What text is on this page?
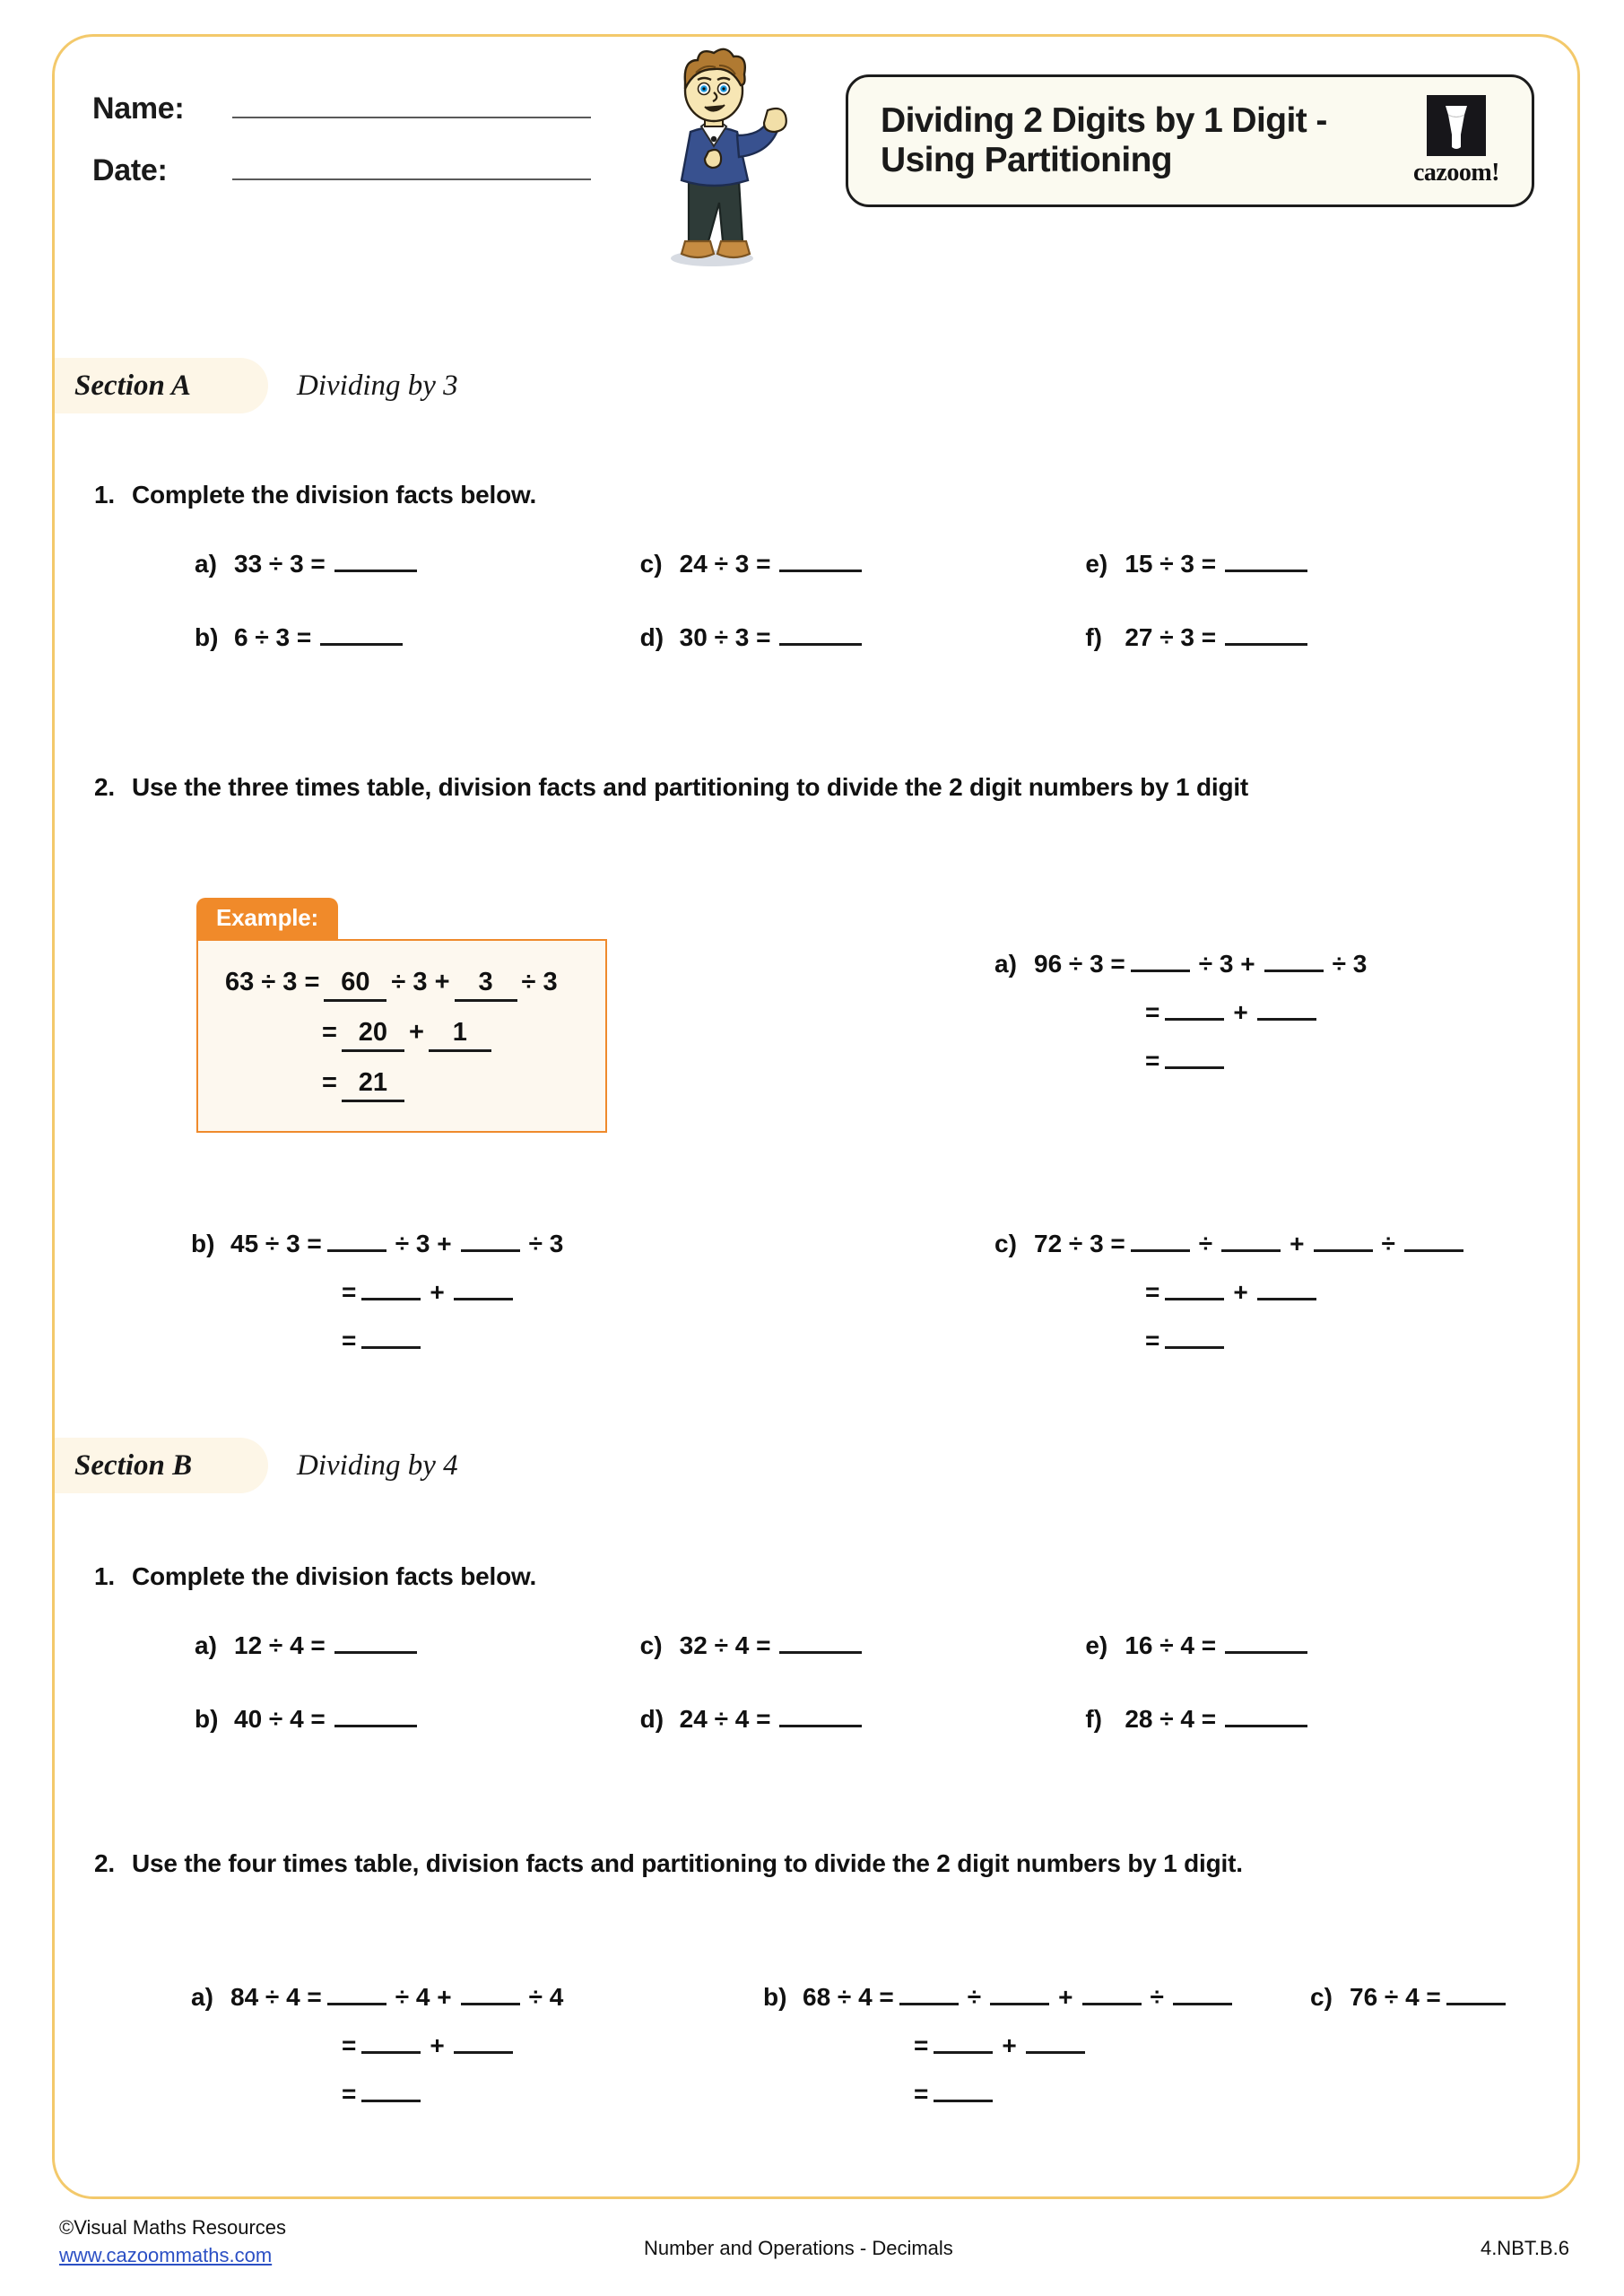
Name:
Date:
Dividing 2 Digits by 1 Digit - Using Partitioning	cazoom!
Section A	Dividing by 3
1. Complete the division facts below.
a) 33 ÷ 3 =	c) 24 ÷ 3 =	e) 15 ÷ 3 =
b) 6 ÷ 3 =	d) 30 ÷ 3 =	f) 27 ÷ 3 =
2. Use the three times table, division facts and partitioning to divide the 2 digit numbers by 1 digit
Example:
63 ÷ 3 = 60 ÷ 3 +	3	÷ 3
= 20 +	1
= 21
a) 96 ÷ 3 =	÷ 3 +	÷ 3
=	+
=
b) 45 ÷ 3 =	÷ 3 +	÷ 3
=	+
=
c) 72 ÷ 3 =	÷	+	÷
=	+
=
Section B	Dividing by 4
1. Complete the division facts below.
a) 12 ÷ 4 =	c) 32 ÷ 4 =	e) 16 ÷ 4 =
b) 40 ÷ 4 =	d) 24 ÷ 4 =	f) 28 ÷ 4 =
2. Use the four times table, division facts and partitioning to divide the 2 digit numbers by 1 digit.
a) 84 ÷ 4 =	÷ 4 +	÷ 4
=	+
=
b) 68 ÷ 4 =	÷	+	÷
=	+
=
c) 76 ÷ 4 =
©Visual Maths Resources
www.cazoommaths.com	Number and Operations - Decimals	4.NBT.B.6
